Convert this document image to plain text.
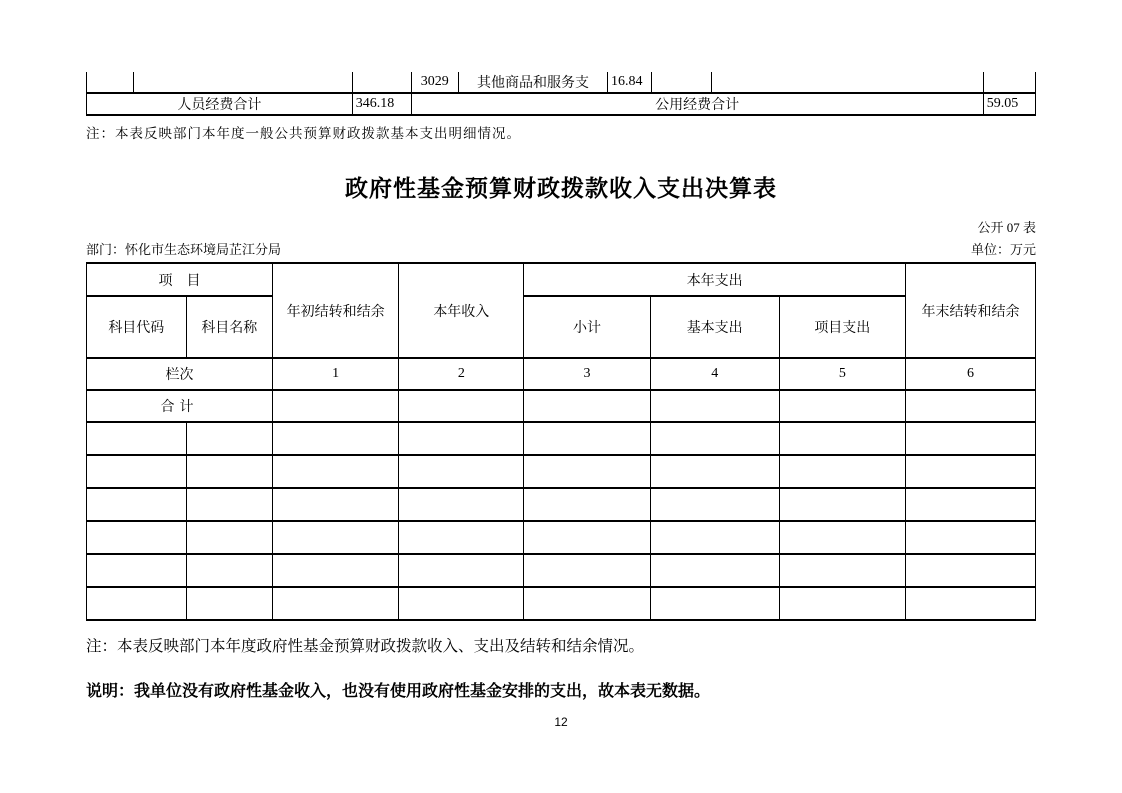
			3029	其他商品和服务支	16.84			
人员经费合计		346.18	公用经费合计					59.05
注：本表反映部门本年度一般公共预算财政拨款基本支出明细情况。
政府性基金预算财政拨款收入支出决算表
公开 07 表
部门：怀化市生态环境局芷江分局	单位：万元
项　目		年初结转和结余	本年收入	本年支出			年末结转和结余
科目代码	科目名称			小计	基本支出	项目支出	
栏次		1	2	3	4	5	6
合计							

注：本表反映部门本年度政府性基金预算财政拨款收入、支出及结转和结余情况。
说明：我单位没有政府性基金收入，也没有使用政府性基金安排的支出，故本表无数据。
12
